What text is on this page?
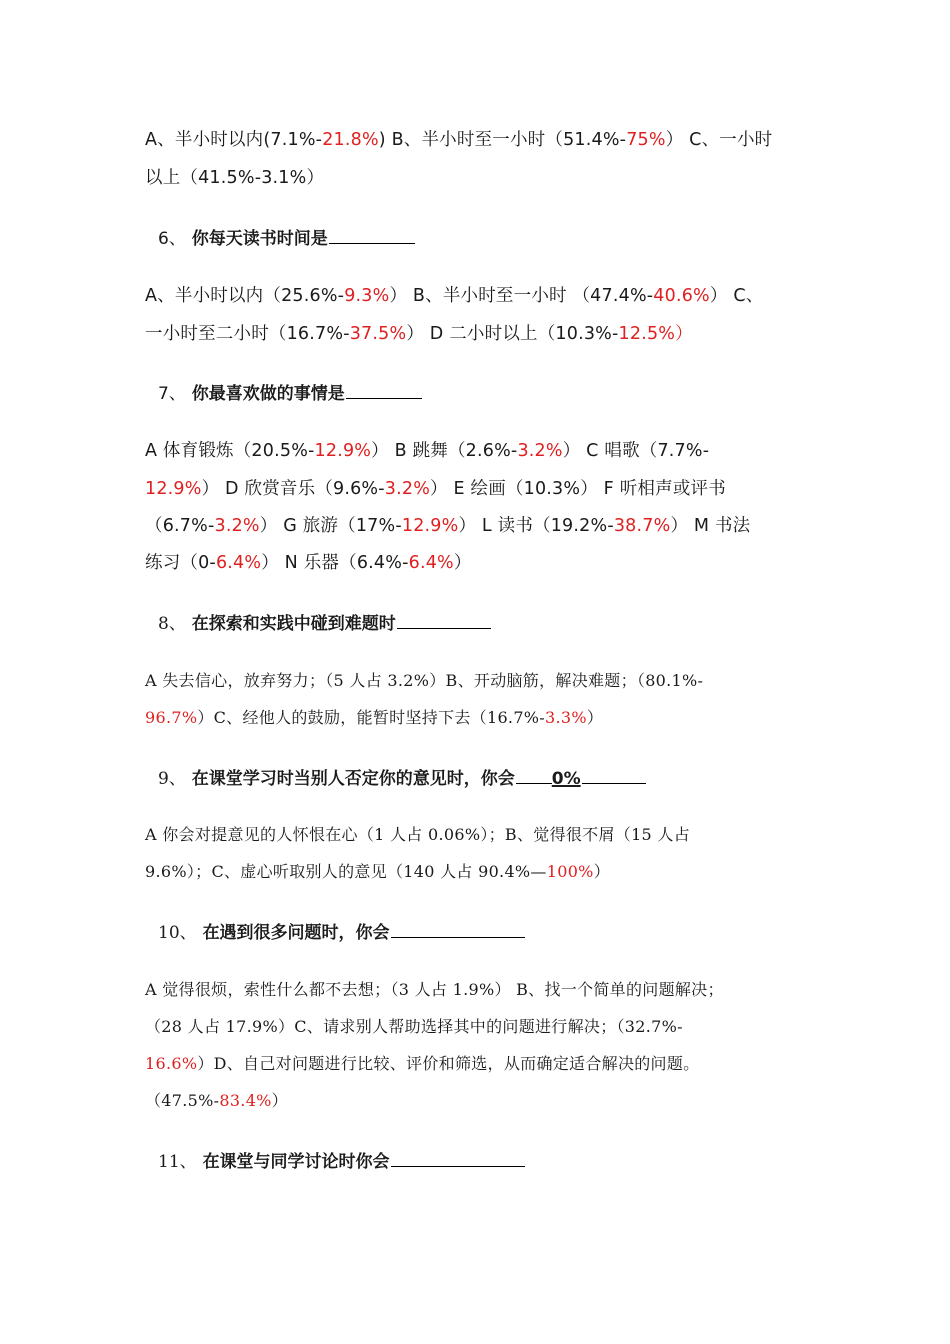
A、半小时以内(7.1%-21.8%) B、半小时至一小时（51.4%-75%） C、一小时
以上（41.5%-3.1%）
6、 你每天读书时间是
A、半小时以内（25.6%-9.3%） B、半小时至一小时 （47.4%-40.6%） C、
一小时至二小时（16.7%-37.5%） D 二小时以上（10.3%-12.5%）
7、 你最喜欢做的事情是
A 体育锻炼（20.5%-12.9%） B 跳舞（2.6%-3.2%） C 唱歌（7.7%-
12.9%） D 欣赏音乐（9.6%-3.2%） E 绘画（10.3%） F 听相声或评书
（6.7%-3.2%） G 旅游（17%-12.9%） L 读书（19.2%-38.7%） M 书法
练习（0-6.4%） N 乐器（6.4%-6.4%）
8、 在探索和实践中碰到难题时
A 失去信心，放弃努力；（5 人占 3.2%）B、开动脑筋，解决难题；（80.1%-
96.7%）C、经他人的鼓励，能暂时坚持下去（16.7%-3.3%）
9、 在课堂学习时当别人否定你的意见时，你会 0%
A 你会对提意见的人怀恨在心（1 人占 0.06%）；B、觉得很不屑（15 人占
9.6%）；C、虚心听取别人的意见（140 人占 90.4%—100%）
10、 在遇到很多问题时，你会
A 觉得很烦，索性什么都不去想；（3 人占 1.9%） B、找一个简单的问题解决；
（28 人占 17.9%）C、请求别人帮助选择其中的问题进行解决；（32.7%-
16.6%）D、自己对问题进行比较、评价和筛选，从而确定适合解决的问题。
（47.5%-83.4%）
11、 在课堂与同学讨论时你会
